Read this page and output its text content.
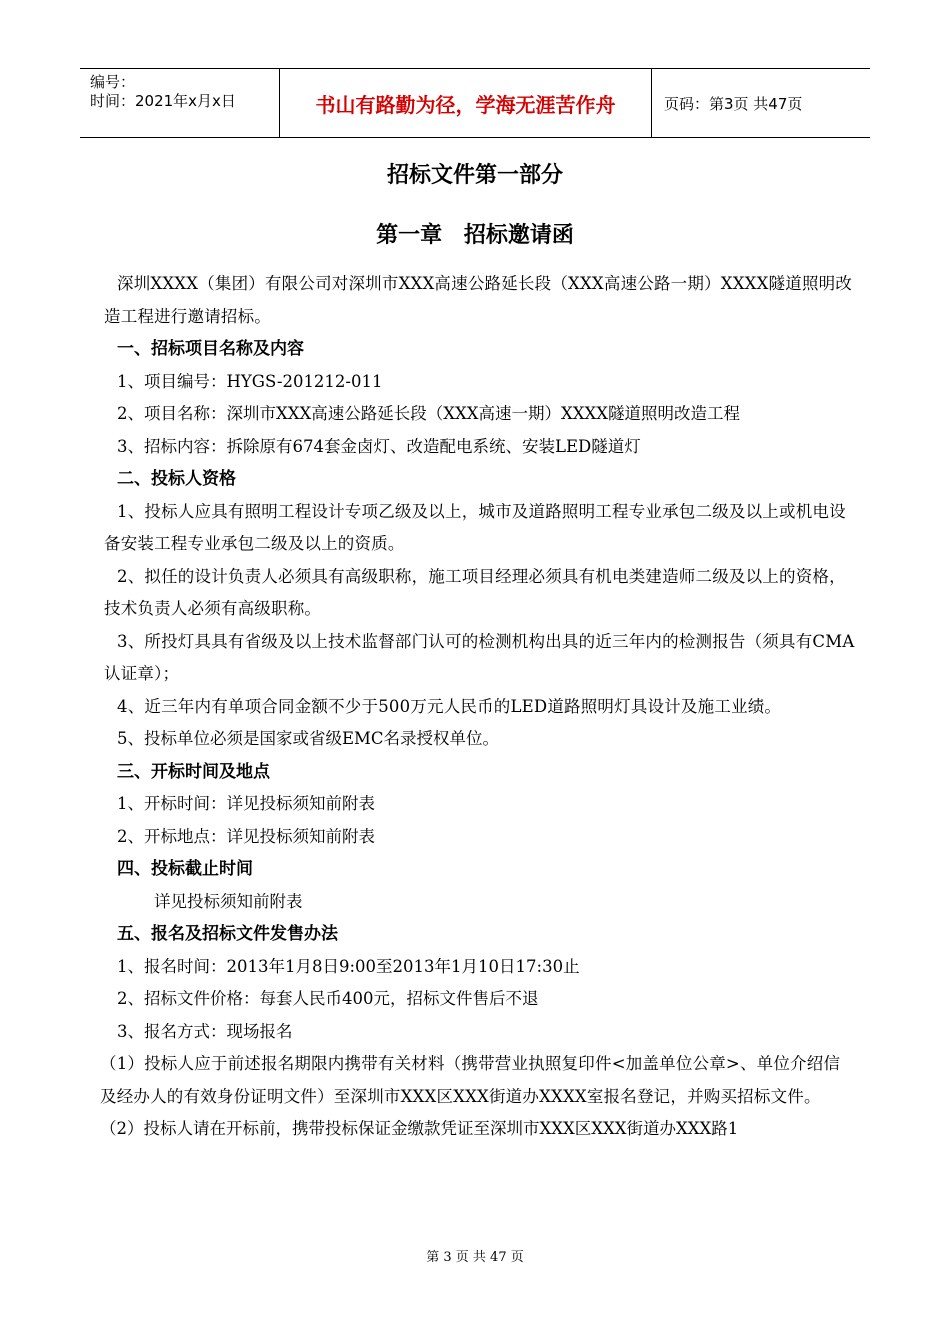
编号：
时间：2021年x月x日	书山有路勤为径，学海无涯苦作舟	页码：第3页 共47页
招标文件第一部分
第一章 招标邀请函

深圳XXXX（集团）有限公司对深圳市XXX高速公路延长段（XXX高速公路一期）XXXX隧道照明改造工程进行邀请招标。

一、招标项目名称及内容

1、项目编号：HYGS-201212-011

2、项目名称：深圳市XXX高速公路延长段（XXX高速一期）XXXX隧道照明改造工程

3、招标内容：拆除原有674套金卤灯、改造配电系统、安装LED隧道灯

二、投标人资格

1、投标人应具有照明工程设计专项乙级及以上，城市及道路照明工程专业承包二级及以上或机电设备安装工程专业承包二级及以上的资质。

2、拟任的设计负责人必须具有高级职称，施工项目经理必须具有机电类建造师二级及以上的资格，技术负责人必须有高级职称。

3、所投灯具具有省级及以上技术监督部门认可的检测机构出具的近三年内的检测报告（须具有CMA认证章）；

4、近三年内有单项合同金额不少于500万元人民币的LED道路照明灯具设计及施工业绩。

5、投标单位必须是国家或省级EMC名录授权单位。

三、开标时间及地点

1、开标时间：详见投标须知前附表

2、开标地点：详见投标须知前附表

四、投标截止时间

详见投标须知前附表

五、报名及招标文件发售办法

1、报名时间：2013年1月8日9:00至2013年1月10日17:30止

2、招标文件价格：每套人民币400元，招标文件售后不退

3、报名方式：现场报名

（1）投标人应于前述报名期限内携带有关材料（携带营业执照复印件<加盖单位公章>、单位介绍信及经办人的有效身份证明文件）至深圳市XXX区XXX街道办XXXX室报名登记，并购买招标文件。

（2）投标人请在开标前，携带投标保证金缴款凭证至深圳市XXX区XXX街道办XXX路1

第 3 页 共 47 页
